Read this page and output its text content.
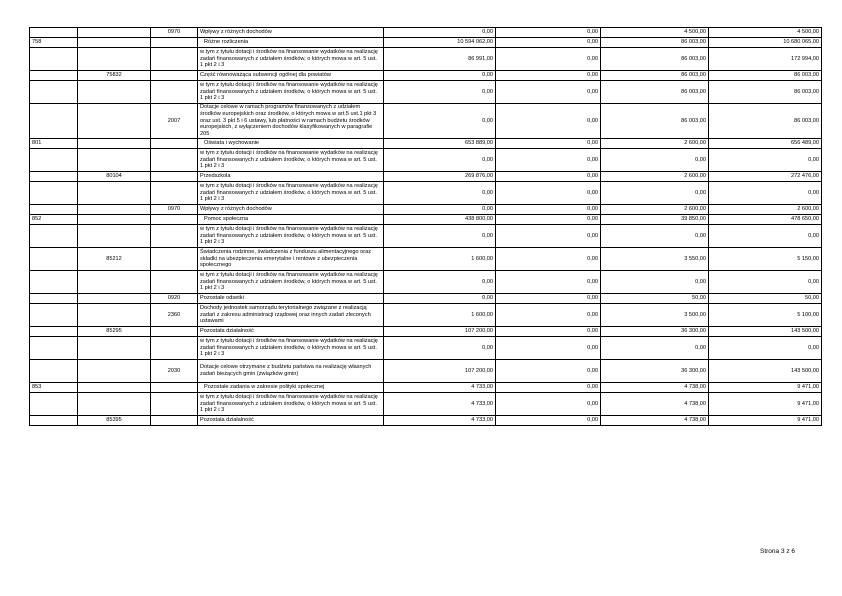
		0970	Wpływy z różnych dochodów	0,00	0,00	4 500,00	4 500,00
758			Różne rozliczenia	10 594 062,00	0,00	86 003,00	10 680 065,00
			w tym z tytułu dotacji i środków na finansowanie wydatków na realizację zadań finansowanych z udziałem środków, o których mowa w art. 5 ust. 1 pkt 2 i 3	86 991,00	0,00	86 003,00	172 994,00
	75832		Część równoważąca subwencji ogólnej dla powiatów	0,00	0,00	86 003,00	86 003,00
			w tym z tytułu dotacji i środków na finansowanie wydatków na realizację zadań finansowanych z udziałem środków, o których mowa w art. 5 ust. 1 pkt 2 i 3	0,00	0,00	86 003,00	86 003,00
		2007	Dotacje celowe w ramach programów finansowanych z udziałem środków europejskich oraz środków, o których mowa w art.5 ust.1 pkt 3 oraz ust. 3 pkt 5 i 6 ustawy, lub płatności w ramach budżetu środków europejskich, z wyłączeniem dochodów klasyfikowanych w paragrafie 205	0,00	0,00	86 003,00	86 003,00
801			Oświata i wychowanie	653 889,00	0,00	2 600,00	656 489,00
			w tym z tytułu dotacji i środków na finansowanie wydatków na realizację zadań finansowanych z udziałem środków, o których mowa w art. 5 ust. 1 pkt 2 i 3	0,00	0,00	0,00	0,00
	80104		Przedszkola	269 876,00	0,00	2 600,00	272 476,00
			w tym z tytułu dotacji i środków na finansowanie wydatków na realizację zadań finansowanych z udziałem środków, o których mowa w art. 5 ust. 1 pkt 2 i 3	0,00	0,00	0,00	0,00
		0970	Wpływy z różnych dochodów	0,00	0,00	2 600,00	2 600,00
852			Pomoc społeczna	438 800,00	0,00	39 850,00	478 650,00
			w tym z tytułu dotacji i środków na finansowanie wydatków na realizację zadań finansowanych z udziałem środków, o których mowa w art. 5 ust. 1 pkt 2 i 3	0,00	0,00	0,00	0,00
	85212		Świadczenia rodzinne, świadczenia z funduszu alimentacyjnego oraz składki na ubezpieczenia emerytalne i rentowe z ubezpieczenia społecznego	1 600,00	0,00	3 550,00	5 150,00
			w tym z tytułu dotacji i środków na finansowanie wydatków na realizację zadań finansowanych z udziałem środków, o których mowa w art. 5 ust. 1 pkt 2 i 3	0,00	0,00	0,00	0,00
		0920	Pozostałe odsetki	0,00	0,00	50,00	50,00
		2360	Dochody jednostek samorządu terytorialnego związane z realizacją zadań z zakresu administracji rządowej oraz innych zadań zleconych ustawami	1 600,00	0,00	3 500,00	5 100,00
	85295		Pozostała działalność	107 200,00	0,00	36 300,00	143 500,00
			w tym z tytułu dotacji i środków na finansowanie wydatków na realizację zadań finansowanych z udziałem środków, o których mowa w art. 5 ust. 1 pkt 2 i 3	0,00	0,00	0,00	0,00
		2030	Dotacje celowe otrzymane z budżetu państwa na realizację własnych zadań bieżących gmin (związków gmin)	107 200,00	0,00	36 300,00	143 500,00
853			Pozostałe zadania w zakresie polityki społecznej	4 733,00	0,00	4 738,00	9 471,00
			w tym z tytułu dotacji i środków na finansowanie wydatków na realizację zadań finansowanych z udziałem środków, o których mowa w art. 5 ust. 1 pkt 2 i 3	4 733,00	0,00	4 738,00	9 471,00
	85395		Pozostała działalność	4 733,00	0,00	4 738,00	9 471,00
Strona 3 z 6
